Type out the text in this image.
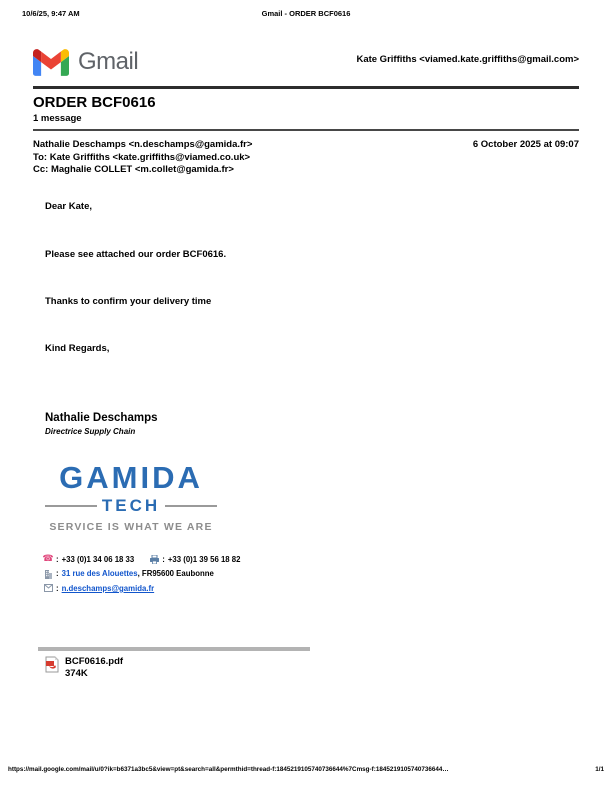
10/6/25, 9:47 AM	Gmail - ORDER BCF0616
Gmail	Kate Griffiths <viamed.kate.griffiths@gmail.com>
ORDER BCF0616
1 message
Nathalie Deschamps <n.deschamps@gamida.fr>	6 October 2025 at 09:07
To: Kate Griffiths <kate.griffiths@viamed.co.uk>
Cc: Maghalie COLLET <m.collet@gamida.fr>
Dear Kate,
Please see attached our order BCF0616.
Thanks to confirm your delivery time
Kind Regards,
Nathalie Deschamps
Directrice Supply Chain
GAMIDA
TECH
SERVICE IS WHAT WE ARE
☎ : +33 (0)1 34 06 18 33	: +33 (0)1 39 56 18 82
: 31 rue des Alouettes, FR95600 Eaubonne
: n.deschamps@gamida.fr
BCF0616.pdf
374K
https://mail.google.com/mail/u/0?ik=b6371a3bc5&view=pt&search=all&permthid=thread-f:1845219105740736644%7Cmsg-f:1845219105740736644…	1/1
